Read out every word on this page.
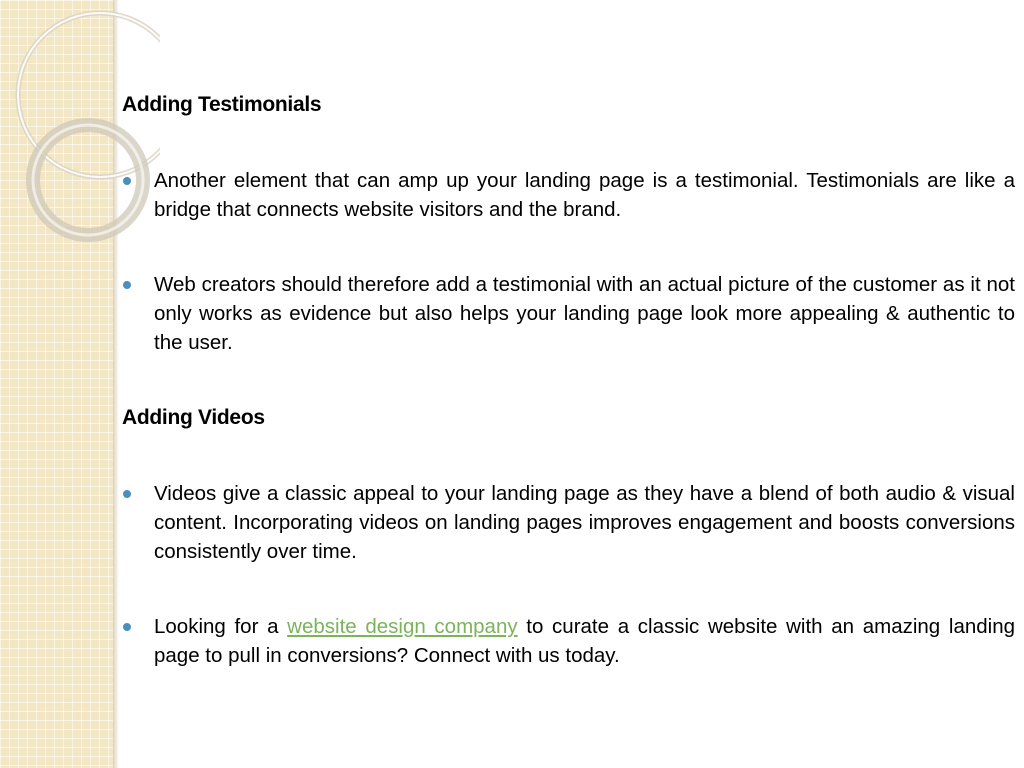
Adding Testimonials
Another element that can amp up your landing page is a testimonial. Testimonials are like a bridge that connects website visitors and the brand.
Web creators should therefore add a testimonial with an actual picture of the customer as it not only works as evidence but also helps your landing page look more appealing & authentic to the user.
Adding Videos
Videos give a classic appeal to your landing page as they have a blend of both audio & visual content. Incorporating videos on landing pages improves engagement and boosts conversions consistently over time.
Looking for a website design company to curate a classic website with an amazing landing page to pull in conversions? Connect with us today.
